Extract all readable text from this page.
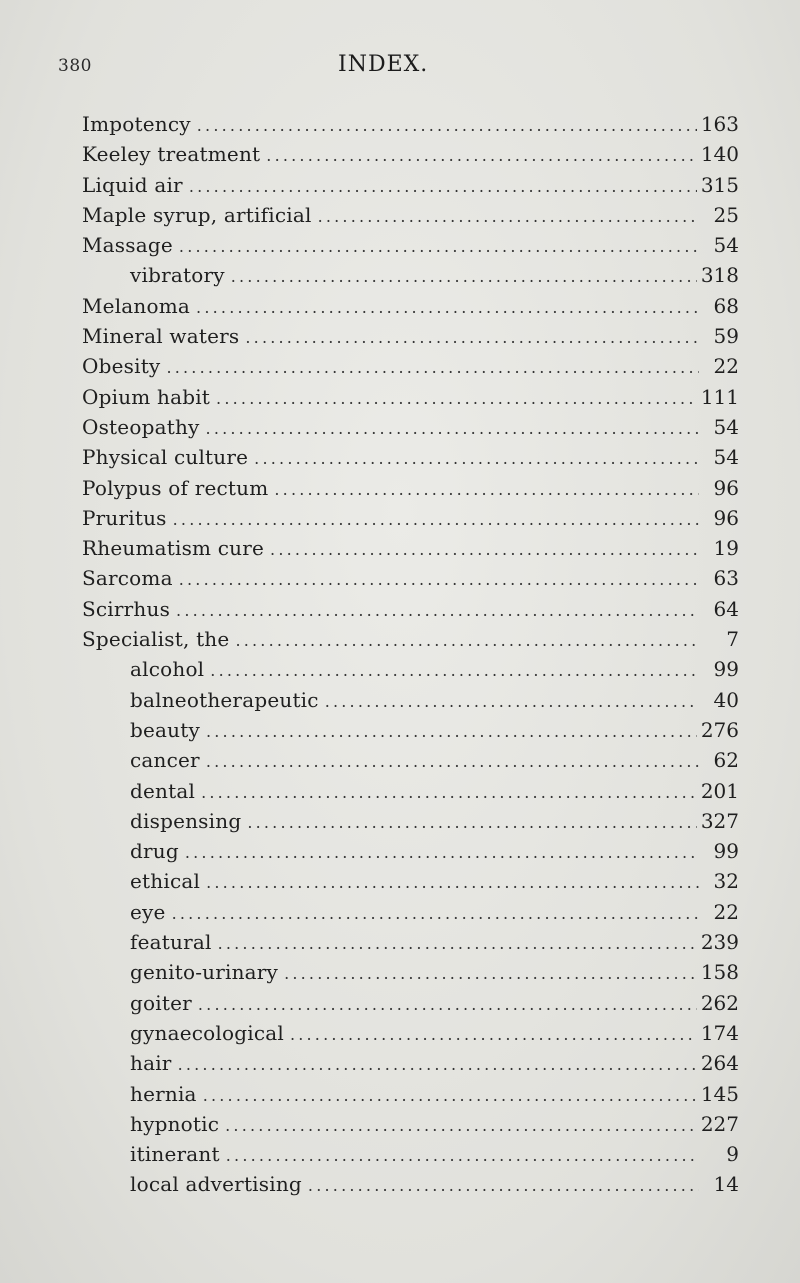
380	INDEX.
Impotency .....	163
Keeley treatment .....	140
Liquid air .....	315
Maple syrup, artificial .....	25
Massage .....	54
vibratory .....	318
Melanoma .....	68
Mineral waters .....	59
Obesity .....	22
Opium habit .....	111
Osteopathy .....	54
Physical culture .....	54
Polypus of rectum .....	96
Pruritus .....	96
Rheumatism cure .....	19
Sarcoma .....	63
Scirrhus .....	64
Specialist, the .....	7
alcohol .....	99
balneotherapeutic .....	40
beauty .....	276
cancer .....	62
dental .....	201
dispensing .....	327
drug .....	99
ethical .....	32
eye .....	22
featural .....	239
genito-urinary .....	158
goiter .....	262
gynaecological .....	174
hair .....	264
hernia .....	145
hypnotic .....	227
itinerant .....	9
local advertising .....	14
